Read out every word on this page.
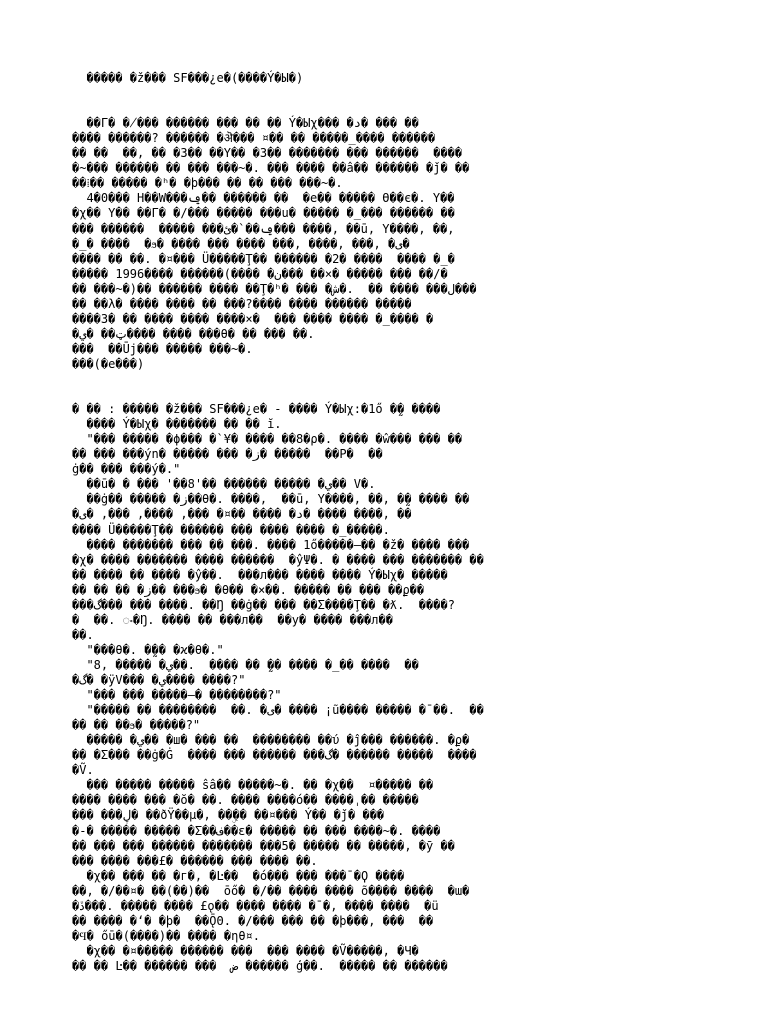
����� �ž��� SF���¿e�(����Ý�Ы�)
��Г� �̸��� ������ ��� �� �� Ý�Ыχ��� �د� ��� ��
���� ������? ������ �ऄ��� ¤�� �� �����_���� ������
�� ��  ��, �� �3�� ��Y�� �3�� ������� ��� ������  ����
�~��� ������ �� ��� ���~�. ��� ���� ��â�� ������ �ǰ� ��
��⁞�� ����� �ʰ� �ϸ��� �� �� ��� ���~�.
4�0��� H��W���ݠ�� ������ ��  �e�� ����� ϴ��є�. Y��
�χ�� Y�� ��Г� �/��� ����� ���u� ����� �_��� ������ ��
��� ������  ����� ���ݠ��`�ئ��� ����, ��ū, Y����, ��,
�_� ����  �ϧ� ���� ��� ���� ���, ����, ���, �ى�
���� �� ��. �¤��� Ü�����Ţ�� ������ �2� ����  ���� �_�
����� 1996���� ������(���� �ن��� ��×� ����� ��� ��/�
�� ���~�)�� ������ ���� ��Ţ�ʰ� ��� �ل��� ���� ��  .�ش���
�� ��λ� ���� ���� �� ���?���� ���� ������ �����
����3� �� ���� ���� ����×�  ��� ���� ���� �_���� �
�ټ�� �ي���� ���� ���θ� �� ��� ��.
���  ��Ūj��� ����� ���~�.
���(�e���)
� �� : ����� �ž��� SF���¿e� - ���� Ý�Ыχ:�1ő �̰� ����
���� Ý�Ыχ� ������� �� �� ĭ.
"��� ����� �ϕ��� �`¥� ���� ��8�ρ�. ���� �ŵ��� ��� ��
�� ��� ���ýn� ����� ��� �ز� �����  ��Ρ�  ��
ġ�� ��� ���ý�."
��ū� � ��� '��8'�� ������ ����� �ي�� V�.
��ġ�� ����� �ز��θ�. ����,  ��ū, Y����, ��, �̰� ���� ��
�د� ���� ��¤� ���, ����, ���, �ى� ���� ����, ��
���� Ü�����Ţ�� ������ ��� ���� ���� �_�����.
���� ������� ��� �� ���. ���� 1ő�����—�� �ž� ���� ���
�χ� ���� ������� ���� ������  �ŷΨ�. � ���� ��� ������� ��
�� ���� �� ���� �ŷ��.  ���л��� ���� ���� Ý�Ыχ� �����
�� �� �� �ز�� ���ϧ� �θ�� �×��. ����� �� ��� ��ϼ��
���گ��� ��� ����. ��Ŋ ��ġ�� ��� ��Σ����Ţ�� �ƛ.  ����?
�  ��.�ႋ�Ŋ. ���� �� ���л��  ��у� ���� ���л��
��.
"���θ�. �̰�� �ϰ�θ�."
"8, ����� �ي��.  ���� �� �̰� ���� �_�� ����  ��
�گ� �ÿV��� �ي���� ����?"
"��� ��� �����—� ��������?"
"����� �� ��������  ��. �ى� ���� ¡ũ���� ����� �ˉ��.  ��
�� �� ��ϧ� �����?"
����� �ي�� �ш� ��� ��  �������� ��ύ �ĵ��� ������. �ϼ�
�� �Σ��� ��ġ�Ġ  ���� ��� ������ ���گ� ������ �����  ����
�Ṽ.
��� ����� ����� ŝâ�� �����~�. �� �χ��  ¤����� ��
���� ���� ��� �ŏ� ��. ���� ����ó�� ����ˌ�� �����
��� ���ڸ� ��ðŸ��µ�, ��ۣ�� ��¤��� Ý�� �ǰ� ���
�-� ����� ����� �Σ��ف��ε� ����� �� ��� ����~�. ����
�� ��� ��� ������ ������� ���5� ����� �� �����, �ӯ ��
��� ���� ���£� ������ ��� ���� ��.
�χ�� ��� �� �г�, �Ŀ��  �ó��� ��� ���ˉ�Ϙ ����
��, �/��¤� ��(��)��  ōő� �/�� ���� ���� õ���� ����  �ա�
�ڏ���. ����� ���� £ǫ�� ���� ���� �ˉ�, ���� ����  �ü
�� ���� �ʻ� �ϸ�  ��ǬΘ. �/��� ��� �� �ϸ���, ���  ��
�Ϥ� őū�(����)�� ���� �ηθ¤.
�χ�� �¤����� ������ ���  ��� ���� �Ṽ�����, �Ч�
�� �� Ŀ�� ������ ���  ض ������ ģ��.  ����� �� ������
